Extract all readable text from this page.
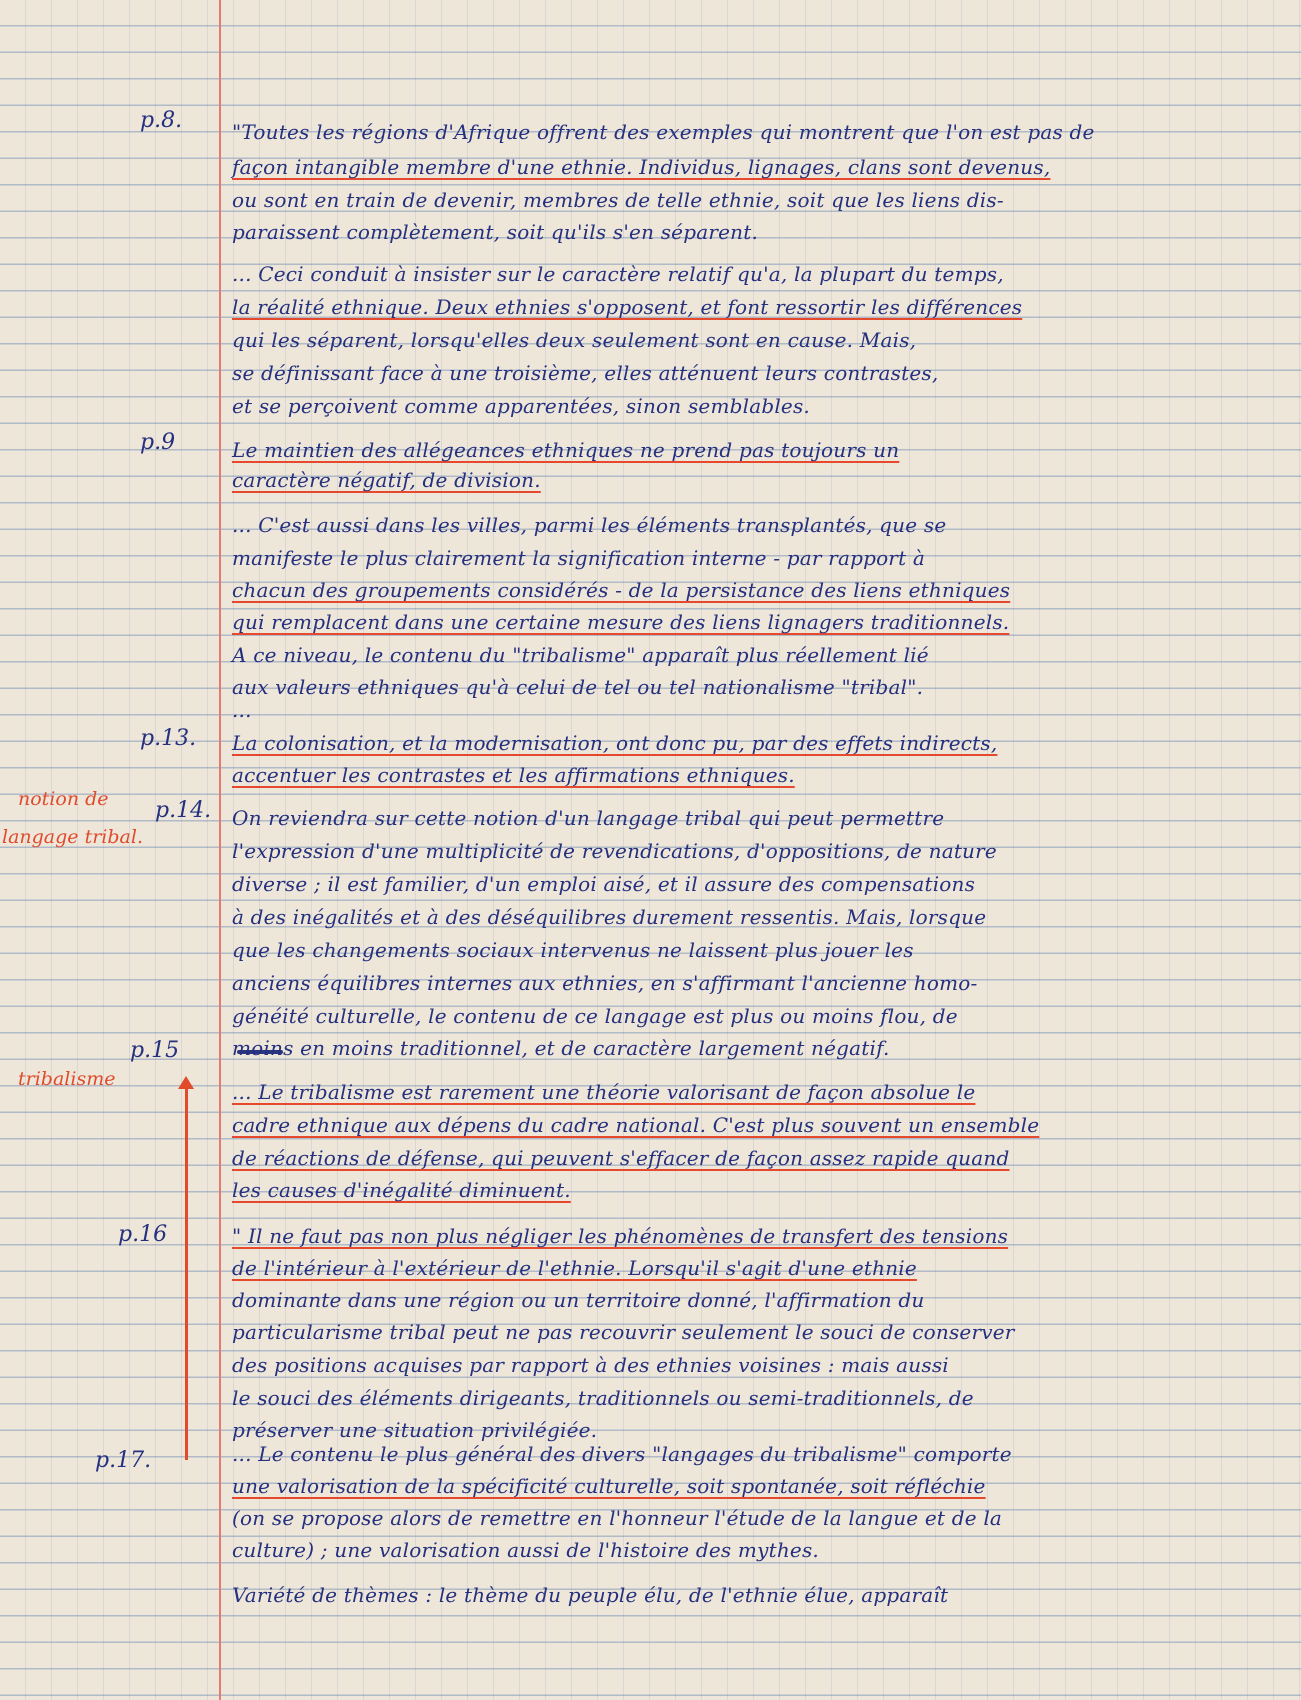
p.8.
p.9
p.13.
p.14.
p.15
p.16
p.17.
notion de
langage tribal.
tribalisme
"Toutes les régions d'Afrique offrent des exemples qui montrent que l'on est pas de
façon intangible membre d'une ethnie. Individus, lignages, clans sont devenus,
ou sont en train de devenir, membres de telle ethnie, soit que les liens dis-
paraissent complètement, soit qu'ils s'en séparent.
... Ceci conduit à insister sur le caractère relatif qu'a, la plupart du temps,
la réalité ethnique. Deux ethnies s'opposent, et font ressortir les différences
qui les séparent, lorsqu'elles deux seulement sont en cause. Mais,
se définissant face à une troisième, elles atténuent leurs contrastes,
et se perçoivent comme apparentées, sinon semblables.
Le maintien des allégeances ethniques ne prend pas toujours un
caractère négatif, de division.
... C'est aussi dans les villes, parmi les éléments transplantés, que se
manifeste le plus clairement la signification interne - par rapport à
chacun des groupements considérés - de la persistance des liens ethniques
qui remplacent dans une certaine mesure des liens lignagers traditionnels.
A ce niveau, le contenu du "tribalisme" apparaît plus réellement lié
aux valeurs ethniques qu'à celui de tel ou tel nationalisme "tribal".
...
La colonisation, et la modernisation, ont donc pu, par des effets indirects,
accentuer les contrastes et les affirmations ethniques.
On reviendra sur cette notion d'un langage tribal qui peut permettre
l'expression d'une multiplicité de revendications, d'oppositions, de nature
diverse ; il est familier, d'un emploi aisé, et il assure des compensations
à des inégalités et à des déséquilibres durement ressentis. Mais, lorsque
que les changements sociaux intervenus ne laissent plus jouer les
anciens équilibres internes aux ethnies, en s'affirmant l'ancienne homo-
généité culturelle, le contenu de ce langage est plus ou moins flou, de
moins en moins traditionnel, et de caractère largement négatif.
... Le tribalisme est rarement une théorie valorisant de façon absolue le
cadre ethnique aux dépens du cadre national. C'est plus souvent un ensemble
de réactions de défense, qui peuvent s'effacer de façon assez rapide quand
les causes d'inégalité diminuent.
" Il ne faut pas non plus négliger les phénomènes de transfert des tensions
de l'intérieur à l'extérieur de l'ethnie. Lorsqu'il s'agit d'une ethnie
dominante dans une région ou un territoire donné, l'affirmation du
particularisme tribal peut ne pas recouvrir seulement le souci de conserver
des positions acquises par rapport à des ethnies voisines : mais aussi
le souci des éléments dirigeants, traditionnels ou semi-traditionnels, de
préserver une situation privilégiée.
... Le contenu le plus général des divers "langages du tribalisme" comporte
une valorisation de la spécificité culturelle, soit spontanée, soit réfléchie
(on se propose alors de remettre en l'honneur l'étude de la langue et de la
culture) ; une valorisation aussi de l'histoire des mythes.
Variété de thèmes : le thème du peuple élu, de l'ethnie élue, apparaît
